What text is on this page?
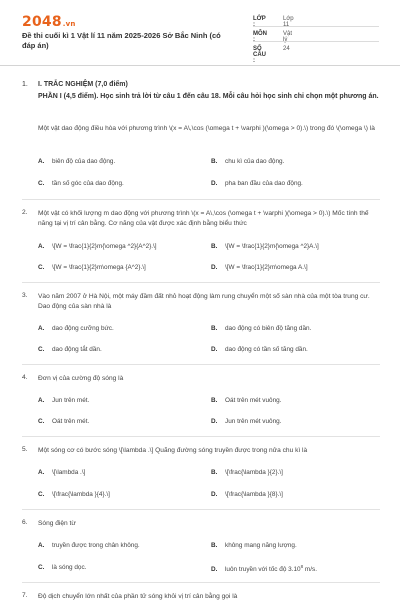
2048.vn
Đề thi cuối kì 1 Vật lí 11 năm 2025-2026 Sở Bắc Ninh (có đáp án)
LỚP :
Lớp 11
MÔN :
Vật lý
SỐ CÂU :
24
1. I. TRẮC NGHIỆM (7,0 điểm)
PHẦN I (4,5 điểm). Học sinh trả lời từ câu 1 đến câu 18. Mỗi câu hỏi học sinh chỉ chọn một phương án.
Một vật dao động điều hòa với phương trình \(x = A\,\cos (\omega t + \varphi )(\omega > 0).\) trong đó \(\omega \) là
A. biên độ của dao động.	B. chu kì của dao động.
C. tần số góc của dao động.	D. pha ban đầu của dao động.
2. Một vật có khối lượng m dao động với phương trình \(x = A\,\cos (\omega t + \varphi )(\omega > 0).\) Mốc tính thế năng tại vị trí cân bằng. Cơ năng của vật được xác định bằng biểu thức
A. \[W = \frac{1}{2}m{\omega ^2}{A^2}.\]	B. \[W = \frac{1}{2}m{\omega ^2}A.\]
C. \[W = \frac{1}{2}m\omega {A^2}.\]	D. \[W = \frac{1}{2}m\omega A.\]
3. Vào năm 2007 ở Hà Nội, một máy đầm đất nhỏ hoạt động làm rung chuyển một số sàn nhà của một tòa trung cư. Dao động của sàn nhà là
A. dao động cưỡng bức.	B. dao động có biên độ tăng dần.
C. dao động tắt dần.	D. dao động có tần số tăng dần.
4. Đơn vị của cường độ sóng là
A. Jun trên mét.	B. Oát trên mét vuông.
C. Oát trên mét.	D. Jun trên mét vuông.
5. Một sóng cơ có bước sóng \[\lambda .\] Quãng đường sóng truyền được trong nửa chu kì là
A. \[\lambda .\]	B. \[\frac{\lambda }{2}.\]
C. \[\frac{\lambda }{4}.\]	D. \[\frac{\lambda }{8}.\]
6. Sóng điện từ
A. truyền được trong chân không.	B. không mang năng lượng.
C. là sóng dọc.	D. luôn truyền với tốc độ 3.10$^8$ m/s.
7. Độ dịch chuyển lớn nhất của phần tử sóng khỏi vị trí cân bằng gọi là
